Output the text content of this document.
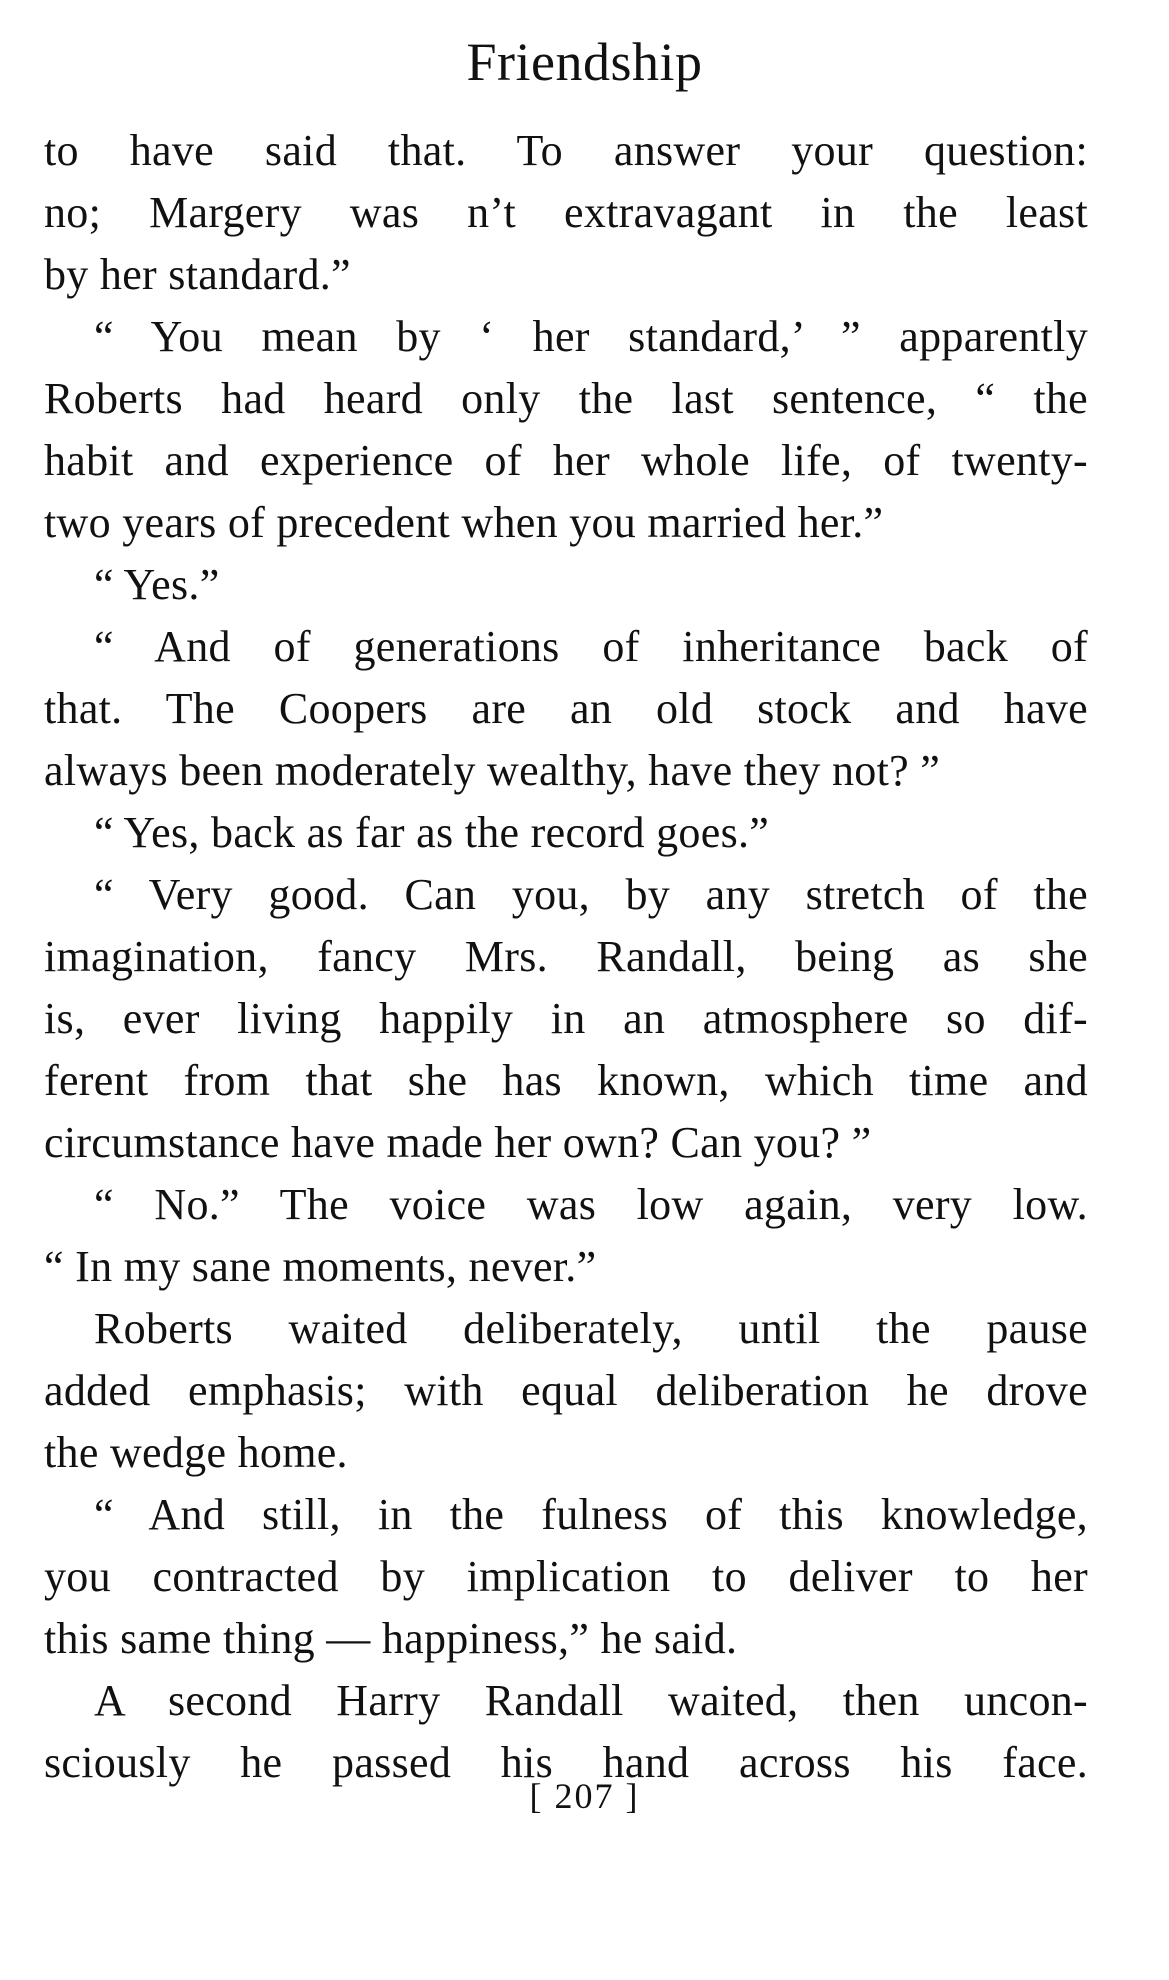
Friendship
to have said that. To answer your question:
no; Margery was n’t extravagant in the least
by her standard.”
“ You mean by ‘ her standard,’ ” apparently
Roberts had heard only the last sentence, “ the
habit and experience of her whole life, of twenty-
two years of precedent when you married her.”
“ Yes.”
“ And of generations of inheritance back of
that. The Coopers are an old stock and have
always been moderately wealthy, have they not? ”
“ Yes, back as far as the record goes.”
“ Very good. Can you, by any stretch of the
imagination, fancy Mrs. Randall, being as she
is, ever living happily in an atmosphere so dif-
ferent from that she has known, which time and
circumstance have made her own? Can you? ”
“ No.” The voice was low again, very low.
“ In my sane moments, never.”
Roberts waited deliberately, until the pause
added emphasis; with equal deliberation he drove
the wedge home.
“ And still, in the fulness of this knowledge,
you contracted by implication to deliver to her
this same thing — happiness,” he said.
A second Harry Randall waited, then uncon-
sciously he passed his hand across his face.
[ 207 ]
